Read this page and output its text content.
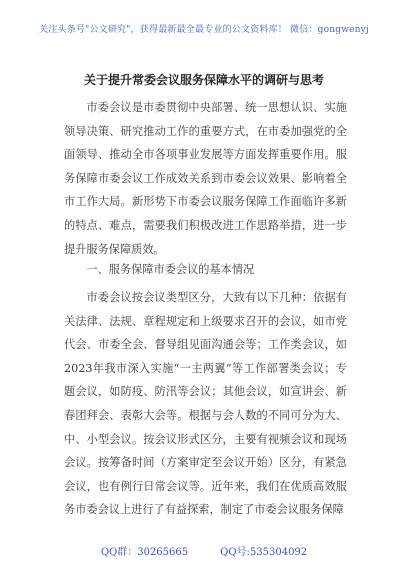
关注头条号"公文研究"，获得最新最全最专业的公文资料库！ 微信：gongwenyj
关于提升常委会议服务保障水平的调研与思考

市委会议是市委贯彻中央部署、统一思想认识、实施领导决策、研究推动工作的重要方式，在市委加强党的全面领导、推动全市各项事业发展等方面发挥重要作用。服务保障市委会议工作成效关系到市委会议效果、影响着全市工作大局。新形势下市委会议服务保障工作面临许多新的特点、难点，需要我们积极改进工作思路举措，进一步提升服务保障质效。

一、服务保障市委会议的基本情况

市委会议按会议类型区分，大致有以下几种：依据有关法律、法规、章程规定和上级要求召开的会议，如市党代会、市委全会、督导组见面沟通会等；工作类会议，如2023年我市深入实施“一主两翼”等工作部署类会议；专题会议，如防疫、防汛等会议；其他会议，如宣讲会、新春团拜会、表彰大会等。根据与会人数的不同可分为大、中、小型会议。按会议形式区分，主要有视频会议和现场会议。按筹备时间（方案审定至会议开始）区分，有紧急会议，也有例行日常会议等。近年来，我们在优质高效服务市委会议上进行了有益探索，制定了市委会议服务保障

QQ群：30265665	QQ号:535304092
